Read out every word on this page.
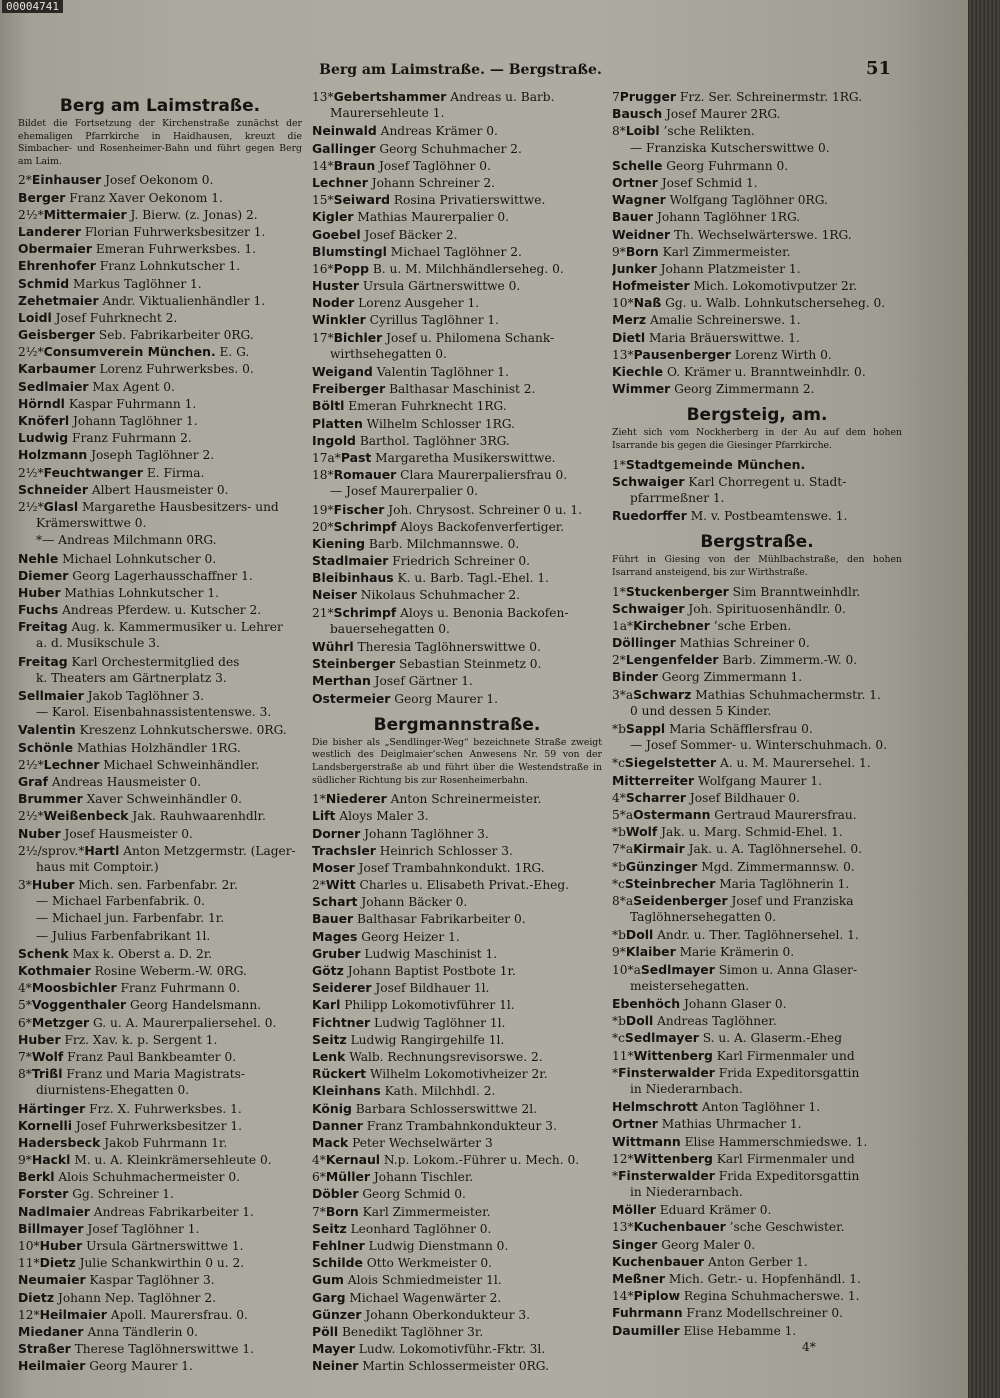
00004741
Berg am Laimstraße. — Bergstraße.	51
Berg am Laimstraße.
Bildet die Fortsetzung der Kirchenstraße zunächst der ehemaligen Pfarrkirche in Haidhausen, kreuzt die Simbacher- und Rosenheimer-Bahn und führt gegen Berg am Laim.
2*Einhauser Josef Oekonom 0.
Berger Franz Xaver Oekonom 1.
2½*Mittermaier J. Bierw. (z. Jonas) 2.
Landerer Florian Fuhrwerksbesitzer 1.
Obermaier Emeran Fuhrwerksbes. 1.
Ehrenhofer Franz Lohnkutscher 1.
Schmid Markus Taglöhner 1.
Zehetmaier Andr. Viktualienhändler 1.
Loidl Josef Fuhrknecht 2.
Geisberger Seb. Fabrikarbeiter 0RG.
2½*Consumverein München. E. G.
Karbaumer Lorenz Fuhrwerksbes. 0.
Sedlmaier Max Agent 0.
Hörndl Kaspar Fuhrmann 1.
Knöferl Johann Taglöhner 1.
Ludwig Franz Fuhrmann 2.
Holzmann Joseph Taglöhner 2.
2½*Feuchtwanger E. Firma.
Schneider Albert Hausmeister 0.
2½*Glasl Margarethe Hausbesitzers- und
Krämerswittwe 0.
*— Andreas Milchmann 0RG.
Nehle Michael Lohnkutscher 0.
Diemer Georg Lagerhausschaffner 1.
Huber Mathias Lohnkutscher 1.
Fuchs Andreas Pferdew. u. Kutscher 2.
Freitag Aug. k. Kammermusiker u. Lehrer
a. d. Musikschule 3.
Freitag Karl Orchestermitglied des
k. Theaters am Gärtnerplatz 3.
Sellmaier Jakob Taglöhner 3.
— Karol. Eisenbahnassistentenswe. 3.
Valentin Kreszenz Lohnkutscherswe. 0RG.
Schönle Mathias Holzhändler 1RG.
2½*Lechner Michael Schweinhändler.
Graf Andreas Hausmeister 0.
Brummer Xaver Schweinhändler 0.
2½*Weißenbeck Jak. Rauhwaarenhdlr.
Nuber Josef Hausmeister 0.
2½/sprov.*Hartl Anton Metzgermstr. (Lager-
haus mit Comptoir.)
3*Huber Mich. sen. Farbenfabr. 2r.
— Michael Farbenfabrik. 0.
— Michael jun. Farbenfabr. 1r.
— Julius Farbenfabrikant 1l.
Schenk Max k. Oberst a. D. 2r.
Kothmaier Rosine Weberm.-W. 0RG.
4*Moosbichler Franz Fuhrmann 0.
5*Voggenthaler Georg Handelsmann.
6*Metzger G. u. A. Maurerpaliersehel. 0.
Huber Frz. Xav. k. p. Sergent 1.
7*Wolf Franz Paul Bankbeamter 0.
8*Trißl Franz und Maria Magistrats-
diurnistens-Ehegatten 0.
Härtinger Frz. X. Fuhrwerksbes. 1.
Kornelli Josef Fuhrwerksbesitzer 1.
Hadersbeck Jakob Fuhrmann 1r.
9*Hackl M. u. A. Kleinkrämersehleute 0.
Berkl Alois Schuhmachermeister 0.
Forster Gg. Schreiner 1.
Nadlmaier Andreas Fabrikarbeiter 1.
Billmayer Josef Taglöhner 1.
10*Huber Ursula Gärtnerswittwe 1.
11*Dietz Julie Schankwirthin 0 u. 2.
Neumaier Kaspar Taglöhner 3.
Dietz Johann Nep. Taglöhner 2.
12*Heilmaier Apoll. Maurersfrau. 0.
Miedaner Anna Tändlerin 0.
Straßer Therese Taglöhnerswittwe 1.
Heilmaier Georg Maurer 1.
13*Gebertshammer Andreas u. Barb.
Maurersehleute 1.
Neinwald Andreas Krämer 0.
Gallinger Georg Schuhmacher 2.
14*Braun Josef Taglöhner 0.
Lechner Johann Schreiner 2.
15*Seiward Rosina Privatierswittwe.
Kigler Mathias Maurerpalier 0.
Goebel Josef Bäcker 2.
Blumstingl Michael Taglöhner 2.
16*Popp B. u. M. Milchhändlerseheg. 0.
Huster Ursula Gärtnerswittwe 0.
Noder Lorenz Ausgeher 1.
Winkler Cyrillus Taglöhner 1.
17*Bichler Josef u. Philomena Schank-
wirthsehegatten 0.
Weigand Valentin Taglöhner 1.
Freiberger Balthasar Maschinist 2.
Böltl Emeran Fuhrknecht 1RG.
Platten Wilhelm Schlosser 1RG.
Ingold Barthol. Taglöhner 3RG.
17a*Past Margaretha Musikerswittwe.
18*Romauer Clara Maurerpaliersfrau 0.
— Josef Maurerpalier 0.
19*Fischer Joh. Chrysost. Schreiner 0 u. 1.
20*Schrimpf Aloys Backofenverfertiger.
Kiening Barb. Milchmannswe. 0.
Stadlmaier Friedrich Schreiner 0.
Bleibinhaus K. u. Barb. Tagl.-Ehel. 1.
Neiser Nikolaus Schuhmacher 2.
21*Schrimpf Aloys u. Benonia Backofen-
bauersehegatten 0.
Wührl Theresia Taglöhnerswittwe 0.
Steinberger Sebastian Steinmetz 0.
Merthan Josef Gärtner 1.
Ostermeier Georg Maurer 1.
Bergmannstraße.
Die bisher als „Sendlinger-Weg“ bezeichnete Straße zweigt westlich des Deiglmaier’schen Anwesens Nr. 59 von der Landsbergerstraße ab und führt über die Westendstraße in südlicher Richtung bis zur Rosenheimerbahn.
1*Niederer Anton Schreinermeister.
Lift Aloys Maler 3.
Dorner Johann Taglöhner 3.
Trachsler Heinrich Schlosser 3.
Moser Josef Trambahnkondukt. 1RG.
2*Witt Charles u. Elisabeth Privat.-Eheg.
Schart Johann Bäcker 0.
Bauer Balthasar Fabrikarbeiter 0.
Mages Georg Heizer 1.
Gruber Ludwig Maschinist 1.
Götz Johann Baptist Postbote 1r.
Seiderer Josef Bildhauer 1l.
Karl Philipp Lokomotivführer 1l.
Fichtner Ludwig Taglöhner 1l.
Seitz Ludwig Rangirgehilfe 1l.
Lenk Walb. Rechnungsrevisorswe. 2.
Rückert Wilhelm Lokomotivheizer 2r.
Kleinhans Kath. Milchhdl. 2.
König Barbara Schlosserswittwe 2l.
Danner Franz Trambahnkondukteur 3.
Mack Peter Wechselwärter 3
4*Kernaul N.p. Lokom.-Führer u. Mech. 0.
6*Müller Johann Tischler.
Döbler Georg Schmid 0.
7*Born Karl Zimmermeister.
Seitz Leonhard Taglöhner 0.
Fehlner Ludwig Dienstmann 0.
Schilde Otto Werkmeister 0.
Gum Alois Schmiedmeister 1l.
Garg Michael Wagenwärter 2.
Günzer Johann Oberkondukteur 3.
Pöll Benedikt Taglöhner 3r.
Mayer Ludw. Lokomotivführ.-Fktr. 3l.
Neiner Martin Schlossermeister 0RG.
7Prugger Frz. Ser. Schreinermstr. 1RG.
Bausch Josef Maurer 2RG.
8*Loibl ’sche Relikten.
— Franziska Kutscherswittwe 0.
Schelle Georg Fuhrmann 0.
Ortner Josef Schmid 1.
Wagner Wolfgang Taglöhner 0RG.
Bauer Johann Taglöhner 1RG.
Weidner Th. Wechselwärterswe. 1RG.
9*Born Karl Zimmermeister.
Junker Johann Platzmeister 1.
Hofmeister Mich. Lokomotivputzer 2r.
10*Naß Gg. u. Walb. Lohnkutscherseheg. 0.
Merz Amalie Schreinerswe. 1.
Dietl Maria Bräuerswittwe. 1.
13*Pausenberger Lorenz Wirth 0.
Kiechle O. Krämer u. Branntweinhdlr. 0.
Wimmer Georg Zimmermann 2.
Bergsteig, am.
Zieht sich vom Nockherberg in der Au auf dem hohen Isarrande bis gegen die Giesinger Pfarrkirche.
1*Stadtgemeinde München.
Schwaiger Karl Chorregent u. Stadt-
pfarrmeßner 1.
Ruedorffer M. v. Postbeamtenswe. 1.
Bergstraße.
Führt in Giesing von der Mühlbachstraße, den hohen Isarrand ansteigend, bis zur Wirthstraße.
1*Stuckenberger Sim Branntweinhdlr.
Schwaiger Joh. Spirituosenhändlr. 0.
1a*Kirchebner ’sche Erben.
Döllinger Mathias Schreiner 0.
2*Lengenfelder Barb. Zimmerm.-W. 0.
Binder Georg Zimmermann 1.
3*aSchwarz Mathias Schuhmachermstr. 1.
0 und dessen 5 Kinder.
*bSappl Maria Schäfflersfrau 0.
— Josef Sommer- u. Winterschuhmach. 0.
*cSiegelstetter A. u. M. Maurersehel. 1.
Mitterreiter Wolfgang Maurer 1.
4*Scharrer Josef Bildhauer 0.
5*aOstermann Gertraud Maurersfrau.
*bWolf Jak. u. Marg. Schmid-Ehel. 1.
7*aKirmair Jak. u. A. Taglöhnersehel. 0.
*bGünzinger Mgd. Zimmermannsw. 0.
*cSteinbrecher Maria Taglöhnerin 1.
8*aSeidenberger Josef und Franziska
Taglöhnersehegatten 0.
*bDoll Andr. u. Ther. Taglöhnersehel. 1.
9*Klaiber Marie Krämerin 0.
10*aSedlmayer Simon u. Anna Glaser-
meistersehegatten.
Ebenhöch Johann Glaser 0.
*bDoll Andreas Taglöhner.
*cSedlmayer S. u. A. Glaserm.-Eheg
11*Wittenberg Karl Firmenmaler und
*Finsterwalder Frida Expeditorsgattin
in Niederarnbach.
Helmschrott Anton Taglöhner 1.
Ortner Mathias Uhrmacher 1.
Wittmann Elise Hammerschmiedswe. 1.
12*Wittenberg Karl Firmenmaler und
*Finsterwalder Frida Expeditorsgattin
in Niederarnbach.
Möller Eduard Krämer 0.
13*Kuchenbauer ’sche Geschwister.
Singer Georg Maler 0.
Kuchenbauer Anton Gerber 1.
Meßner Mich. Getr.- u. Hopfenhändl. 1.
14*Piplow Regina Schuhmacherswe. 1.
Fuhrmann Franz Modellschreiner 0.
Daumiller Elise Hebamme 1.
4*
